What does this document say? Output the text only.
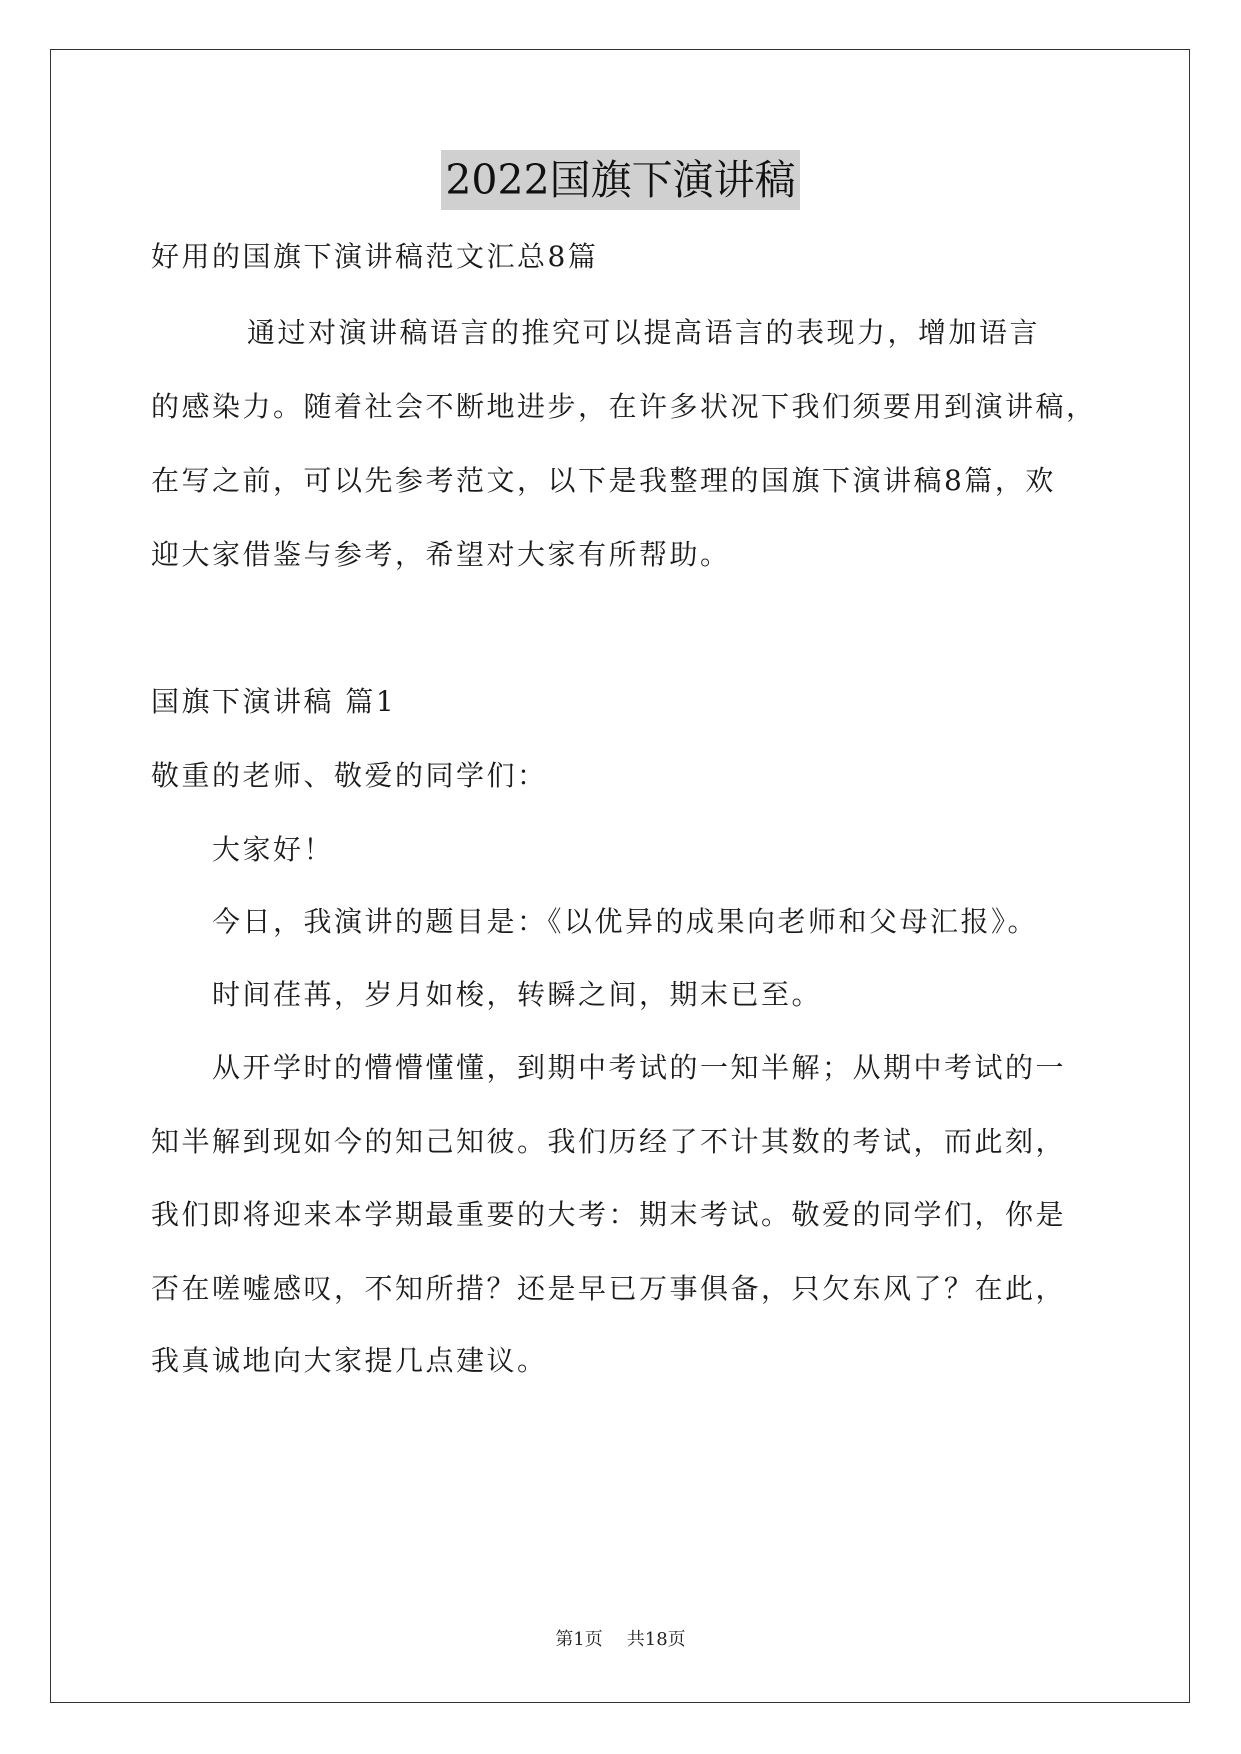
2022国旗下演讲稿
好用的国旗下演讲稿范文汇总8篇
通过对演讲稿语言的推究可以提高语言的表现力，增加语言
的感染力。随着社会不断地进步，在许多状况下我们须要用到演讲稿，
在写之前，可以先参考范文，以下是我整理的国旗下演讲稿8篇，欢
迎大家借鉴与参考，希望对大家有所帮助。
国旗下演讲稿 篇1
敬重的老师、敬爱的同学们：
大家好！
今日，我演讲的题目是：《以优异的成果向老师和父母汇报》。
时间荏苒，岁月如梭，转瞬之间，期末已至。
从开学时的懵懵懂懂，到期中考试的一知半解；从期中考试的一
知半解到现如今的知己知彼。我们历经了不计其数的考试，而此刻，
我们即将迎来本学期最重要的大考：期末考试。敬爱的同学们，你是
否在嗟嘘感叹，不知所措？还是早已万事俱备，只欠东风了？在此，
我真诚地向大家提几点建议。
第1页 共18页
